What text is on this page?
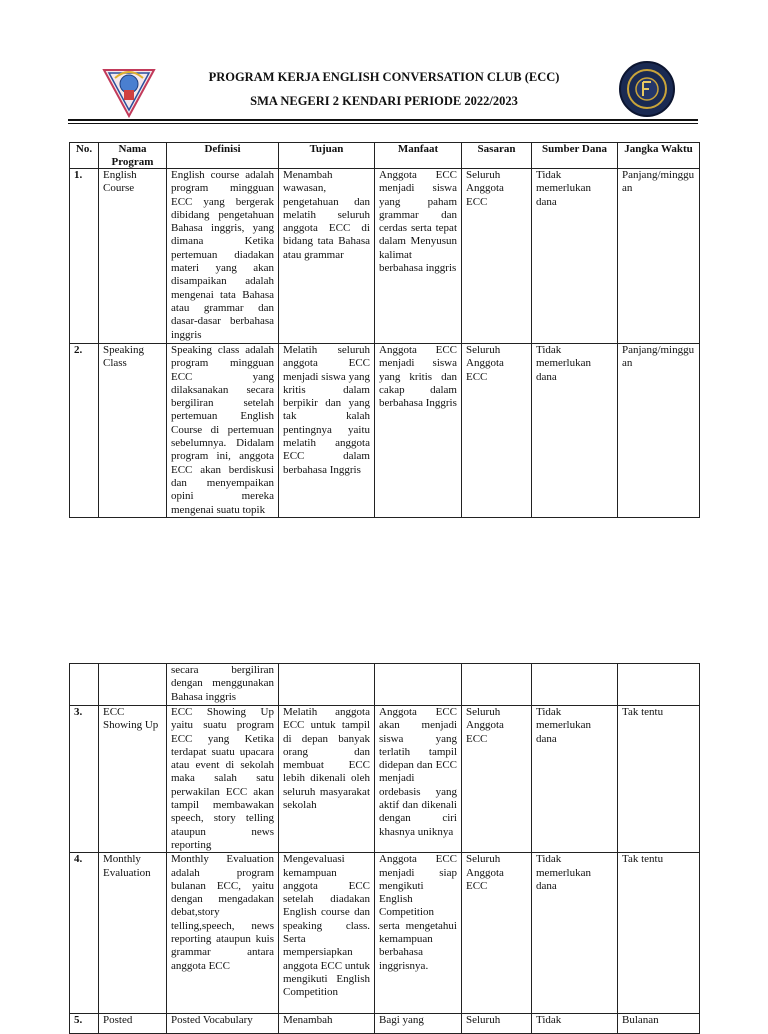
PROGRAM KERJA ENGLISH CONVERSATION CLUB (ECC)
SMA NEGERI 2 KENDARI PERIODE 2022/2023
No.	Nama Program	Definisi	Tujuan	Manfaat	Sasaran	Sumber Dana	Jangka Waktu
1.	English Course	English course adalah program mingguan ECC yang bergerak dibidang pengetahuan Bahasa inggris, yang dimana Ketika pertemuan diadakan materi yang akan disampaikan adalah mengenai tata Bahasa atau grammar dan dasar-dasar berbahasa inggris	Menambah wawasan, pengetahuan dan melatih seluruh anggota ECC di bidang tata Bahasa atau grammar	Anggota ECC menjadi siswa yang paham grammar dan cerdas serta tepat dalam Menyusun kalimat berbahasa inggris	Seluruh Anggota ECC	Tidak memerlukan dana	Panjang/mingguan
2.	Speaking Class	Speaking class adalah program mingguan ECC yang dilaksanakan secara bergiliran setelah pertemuan English Course di pertemuan sebelumnya. Didalam program ini, anggota ECC akan berdiskusi dan menyempaikan opini mereka mengenai suatu topik	Melatih seluruh anggota ECC menjadi siswa yang kritis dalam berpikir dan yang tak kalah pentingnya yaitu melatih anggota ECC dalam berbahasa Inggris	Anggota ECC menjadi siswa yang kritis dan cakap dalam berbahasa Inggris	Seluruh Anggota ECC	Tidak memerlukan dana	Panjang/mingguan
		secara bergiliran dengan menggunakan Bahasa inggris					
3.	ECC Showing Up	ECC Showing Up yaitu suatu program ECC yang Ketika terdapat suatu upacara atau event di sekolah maka salah satu perwakilan ECC akan tampil membawakan speech, story telling ataupun news reporting	Melatih anggota ECC untuk tampil di depan banyak orang dan membuat ECC lebih dikenali oleh seluruh masyarakat sekolah	Anggota ECC akan menjadi siswa yang terlatih tampil didepan dan ECC menjadi ordebasis yang aktif dan dikenali dengan ciri khasnya uniknya	Seluruh Anggota ECC	Tidak memerlukan dana	Tak tentu
4.	Monthly Evaluation	Monthly Evaluation adalah program bulanan ECC, yaitu dengan mengadakan debat,story telling,speech, news reporting ataupun kuis grammar antara anggota ECC	Mengevaluasi kemampuan anggota ECC setelah diadakan English course dan speaking class. Serta mempersiapkan anggota ECC untuk mengikuti English Competition	Anggota ECC menjadi siap mengikuti English Competition serta mengetahui kemampuan berbahasa inggrisnya.	Seluruh Anggota ECC	Tidak memerlukan dana	Tak tentu
5.	Posted	Posted Vocabulary	Menambah	Bagi yang	Seluruh	Tidak	Bulanan
